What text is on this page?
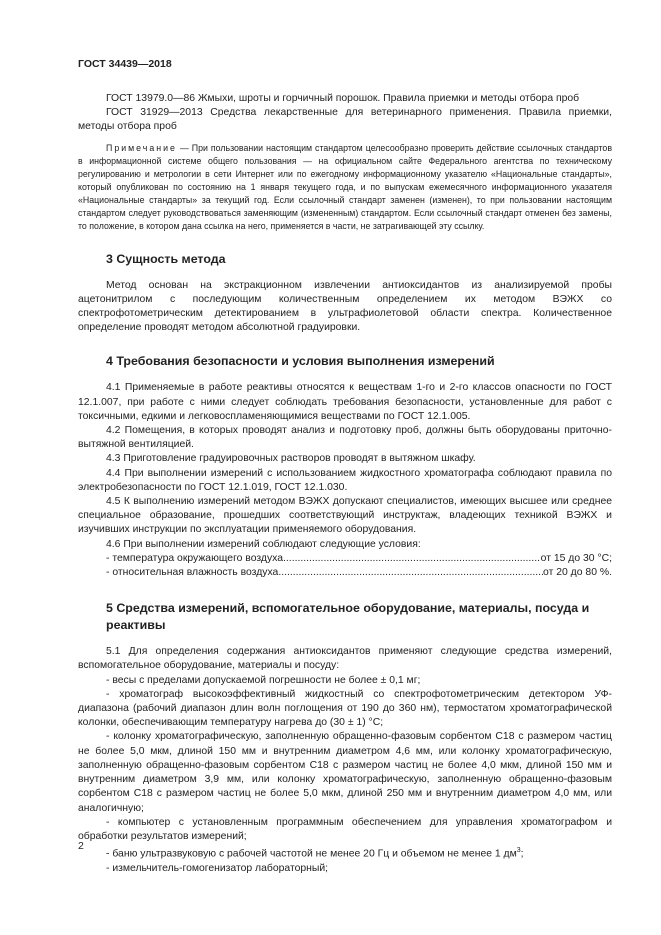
ГОСТ 34439—2018

ГОСТ 13979.0—86 Жмыхи, шроты и горчичный порошок. Правила приемки и методы отбора проб

ГОСТ 31929—2013 Средства лекарственные для ветеринарного применения. Правила приемки, методы отбора проб

Примечание — При пользовании настоящим стандартом целесообразно проверить действие ссылочных стандартов в информационной системе общего пользования — на официальном сайте Федерального агентства по техническому регулированию и метрологии в сети Интернет или по ежегодному информационному указателю «Национальные стандарты», который опубликован по состоянию на 1 января текущего года, и по выпускам ежемесячного информационного указателя «Национальные стандарты» за текущий год. Если ссылочный стандарт заменен (изменен), то при пользовании настоящим стандартом следует руководствоваться заменяющим (измененным) стандартом. Если ссылочный стандарт отменен без замены, то положение, в котором дана ссылка на него, применяется в части, не затрагивающей эту ссылку.

3 Сущность метода

Метод основан на экстракционном извлечении антиоксидантов из анализируемой пробы ацетонитрилом с последующим количественным определением их методом ВЭЖХ со спектрофотометрическим детектированием в ультрафиолетовой области спектра. Количественное определение проводят методом абсолютной градуировки.

4 Требования безопасности и условия выполнения измерений

4.1 Применяемые в работе реактивы относятся к веществам 1-го и 2-го классов опасности по ГОСТ 12.1.007, при работе с ними следует соблюдать требования безопасности, установленные для работ с токсичными, едкими и легковоспламеняющимися веществами по ГОСТ 12.1.005.

4.2 Помещения, в которых проводят анализ и подготовку проб, должны быть оборудованы приточно-вытяжной вентиляцией.

4.3 Приготовление градуировочных растворов проводят в вытяжном шкафу.

4.4 При выполнении измерений с использованием жидкостного хроматографа соблюдают правила по электробезопасности по ГОСТ 12.1.019, ГОСТ 12.1.030.

4.5 К выполнению измерений методом ВЭЖХ допускают специалистов, имеющих высшее или среднее специальное образование, прошедших соответствующий инструктаж, владеющих техникой ВЭЖХ и изучивших инструкции по эксплуатации применяемого оборудования.

4.6 При выполнении измерений соблюдают следующие условия:

- температура окружающего воздуха .....	от 15 до 30 °С;
- относительная влажность воздуха .....	от 20 до 80 %.
5 Средства измерений, вспомогательное оборудование, материалы, посуда и реактивы

5.1 Для определения содержания антиоксидантов применяют следующие средства измерений, вспомогательное оборудование, материалы и посуду:

- весы с пределами допускаемой погрешности не более ± 0,1 мг;

- хроматограф высокоэффективный жидкостный со спектрофотометрическим детектором УФ-диапазона (рабочий диапазон длин волн поглощения от 190 до 360 нм), термостатом хроматографической колонки, обеспечивающим температуру нагрева до (30 ± 1) °С;

- колонку хроматографическую, заполненную обращенно-фазовым сорбентом С18 с размером частиц не более 5,0 мкм, длиной 150 мм и внутренним диаметром 4,6 мм, или колонку хроматографическую, заполненную обращенно-фазовым сорбентом С18 с размером частиц не более 4,0 мкм, длиной 150 мм и внутренним диаметром 3,9 мм, или колонку хроматографическую, заполненную обращенно-фазовым сорбентом С18 с размером частиц не более 5,0 мкм, длиной 250 мм и внутренним диаметром 4,0 мм, или аналогичную;

- компьютер с установленным программным обеспечением для управления хроматографом и обработки результатов измерений;

- баню ультразвуковую с рабочей частотой не менее 20 Гц и объемом не менее 1 $дм^3$;

- измельчитель-гомогенизатор лабораторный;

2
